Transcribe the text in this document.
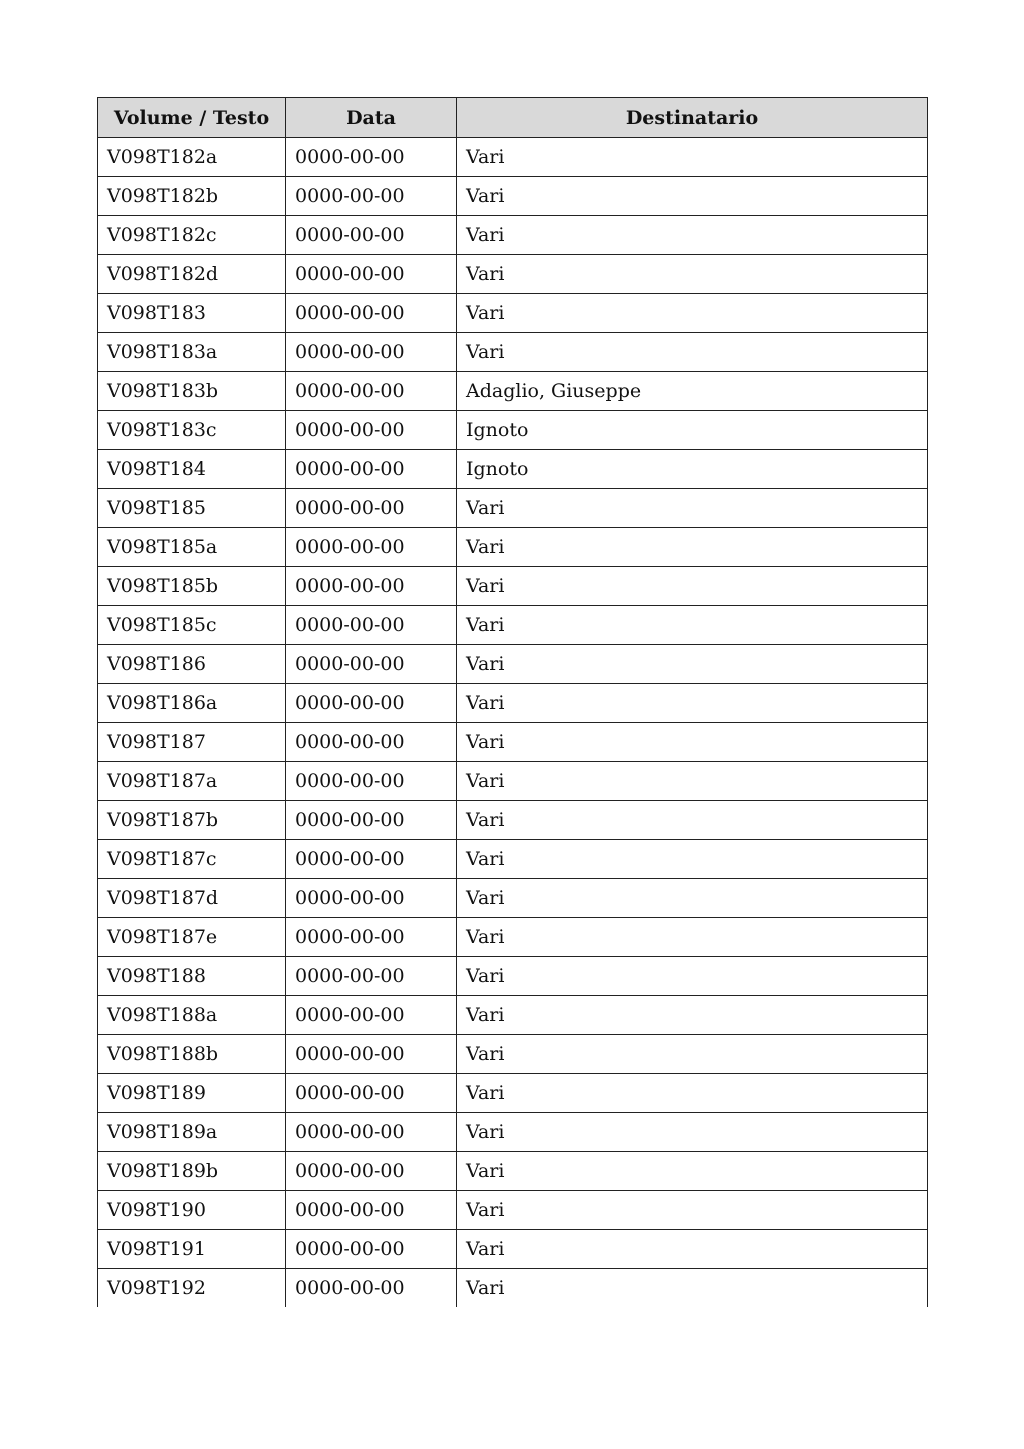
Volume / Testo	Data	Destinatario
V098T182a	0000-00-00	Vari
V098T182b	0000-00-00	Vari
V098T182c	0000-00-00	Vari
V098T182d	0000-00-00	Vari
V098T183	0000-00-00	Vari
V098T183a	0000-00-00	Vari
V098T183b	0000-00-00	Adaglio, Giuseppe
V098T183c	0000-00-00	Ignoto
V098T184	0000-00-00	Ignoto
V098T185	0000-00-00	Vari
V098T185a	0000-00-00	Vari
V098T185b	0000-00-00	Vari
V098T185c	0000-00-00	Vari
V098T186	0000-00-00	Vari
V098T186a	0000-00-00	Vari
V098T187	0000-00-00	Vari
V098T187a	0000-00-00	Vari
V098T187b	0000-00-00	Vari
V098T187c	0000-00-00	Vari
V098T187d	0000-00-00	Vari
V098T187e	0000-00-00	Vari
V098T188	0000-00-00	Vari
V098T188a	0000-00-00	Vari
V098T188b	0000-00-00	Vari
V098T189	0000-00-00	Vari
V098T189a	0000-00-00	Vari
V098T189b	0000-00-00	Vari
V098T190	0000-00-00	Vari
V098T191	0000-00-00	Vari
V098T192	0000-00-00	Vari
